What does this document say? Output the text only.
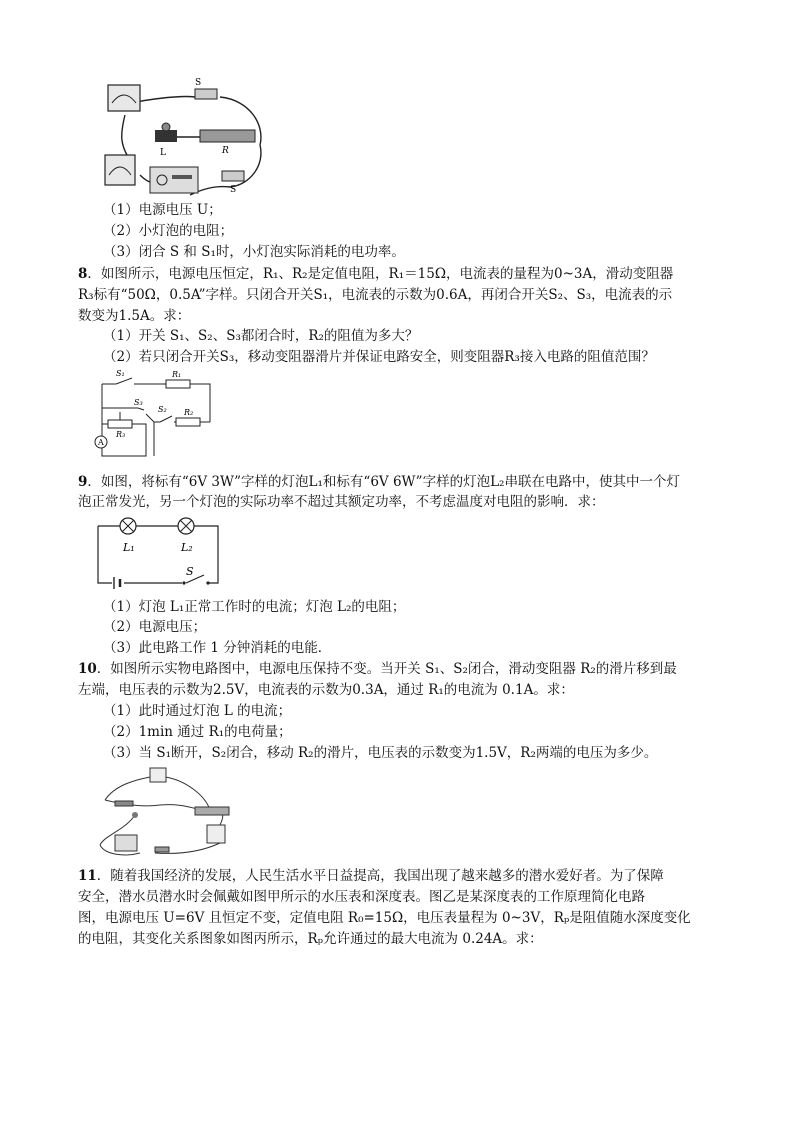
S
L	R
S
（1）电源电压 U；
（2）小灯泡的电阻；
（3）闭合 S 和 S₁时，小灯泡实际消耗的电功率。
8．如图所示，电源电压恒定，R₁、R₂是定值电阻，R₁＝15Ω，电流表的量程为0~3A，滑动变阻器
R₃标有“50Ω，0.5A”字样。只闭合开关S₁，电流表的示数为0.6A，再闭合开关S₂、S₃，电流表的示
数变为1.5A。求：
（1）开关 S₁、S₂、S₃都闭合时，R₂的阻值为多大？
（2）若只闭合开关S₃，移动变阻器滑片并保证电路安全，则变阻器R₃接入电路的阻值范围？
A
S₁	R₁
S₃
S₂ R₂
R₃
9．如图，将标有“6V 3W”字样的灯泡L₁和标有“6V 6W”字样的灯泡L₂串联在电路中，使其中一个灯
泡正常发光，另一个灯泡的实际功率不超过其额定功率，不考虑温度对电阻的影响．求：
L₁	L₂
S
（1）灯泡 L₁正常工作时的电流；灯泡 L₂的电阻；
（2）电源电压；
（3）此电路工作 1 分钟消耗的电能．
10．如图所示实物电路图中，电源电压保持不变。当开关 S₁、S₂闭合，滑动变阻器 R₂的滑片移到最
左端，电压表的示数为2.5V，电流表的示数为0.3A，通过 R₁的电流为 0.1A。求：
（1）此时通过灯泡 L 的电流；
（2）1min 通过 R₁的电荷量；
（3）当 S₁断开，S₂闭合，移动 R₂的滑片，电压表的示数变为1.5V，R₂两端的电压为多少。
11．随着我国经济的发展，人民生活水平日益提高，我国出现了越来越多的潜水爱好者。为了保障
安全，潜水员潜水时会佩戴如图甲所示的水压表和深度表。图乙是某深度表的工作原理简化电路
图，电源电压 U=6V 且恒定不变，定值电阻 R₀=15Ω，电压表量程为 0~3V，Rₚ是阻值随水深度变化
的电阻，其变化关系图象如图丙所示，Rₚ允许通过的最大电流为 0.24A。求：
